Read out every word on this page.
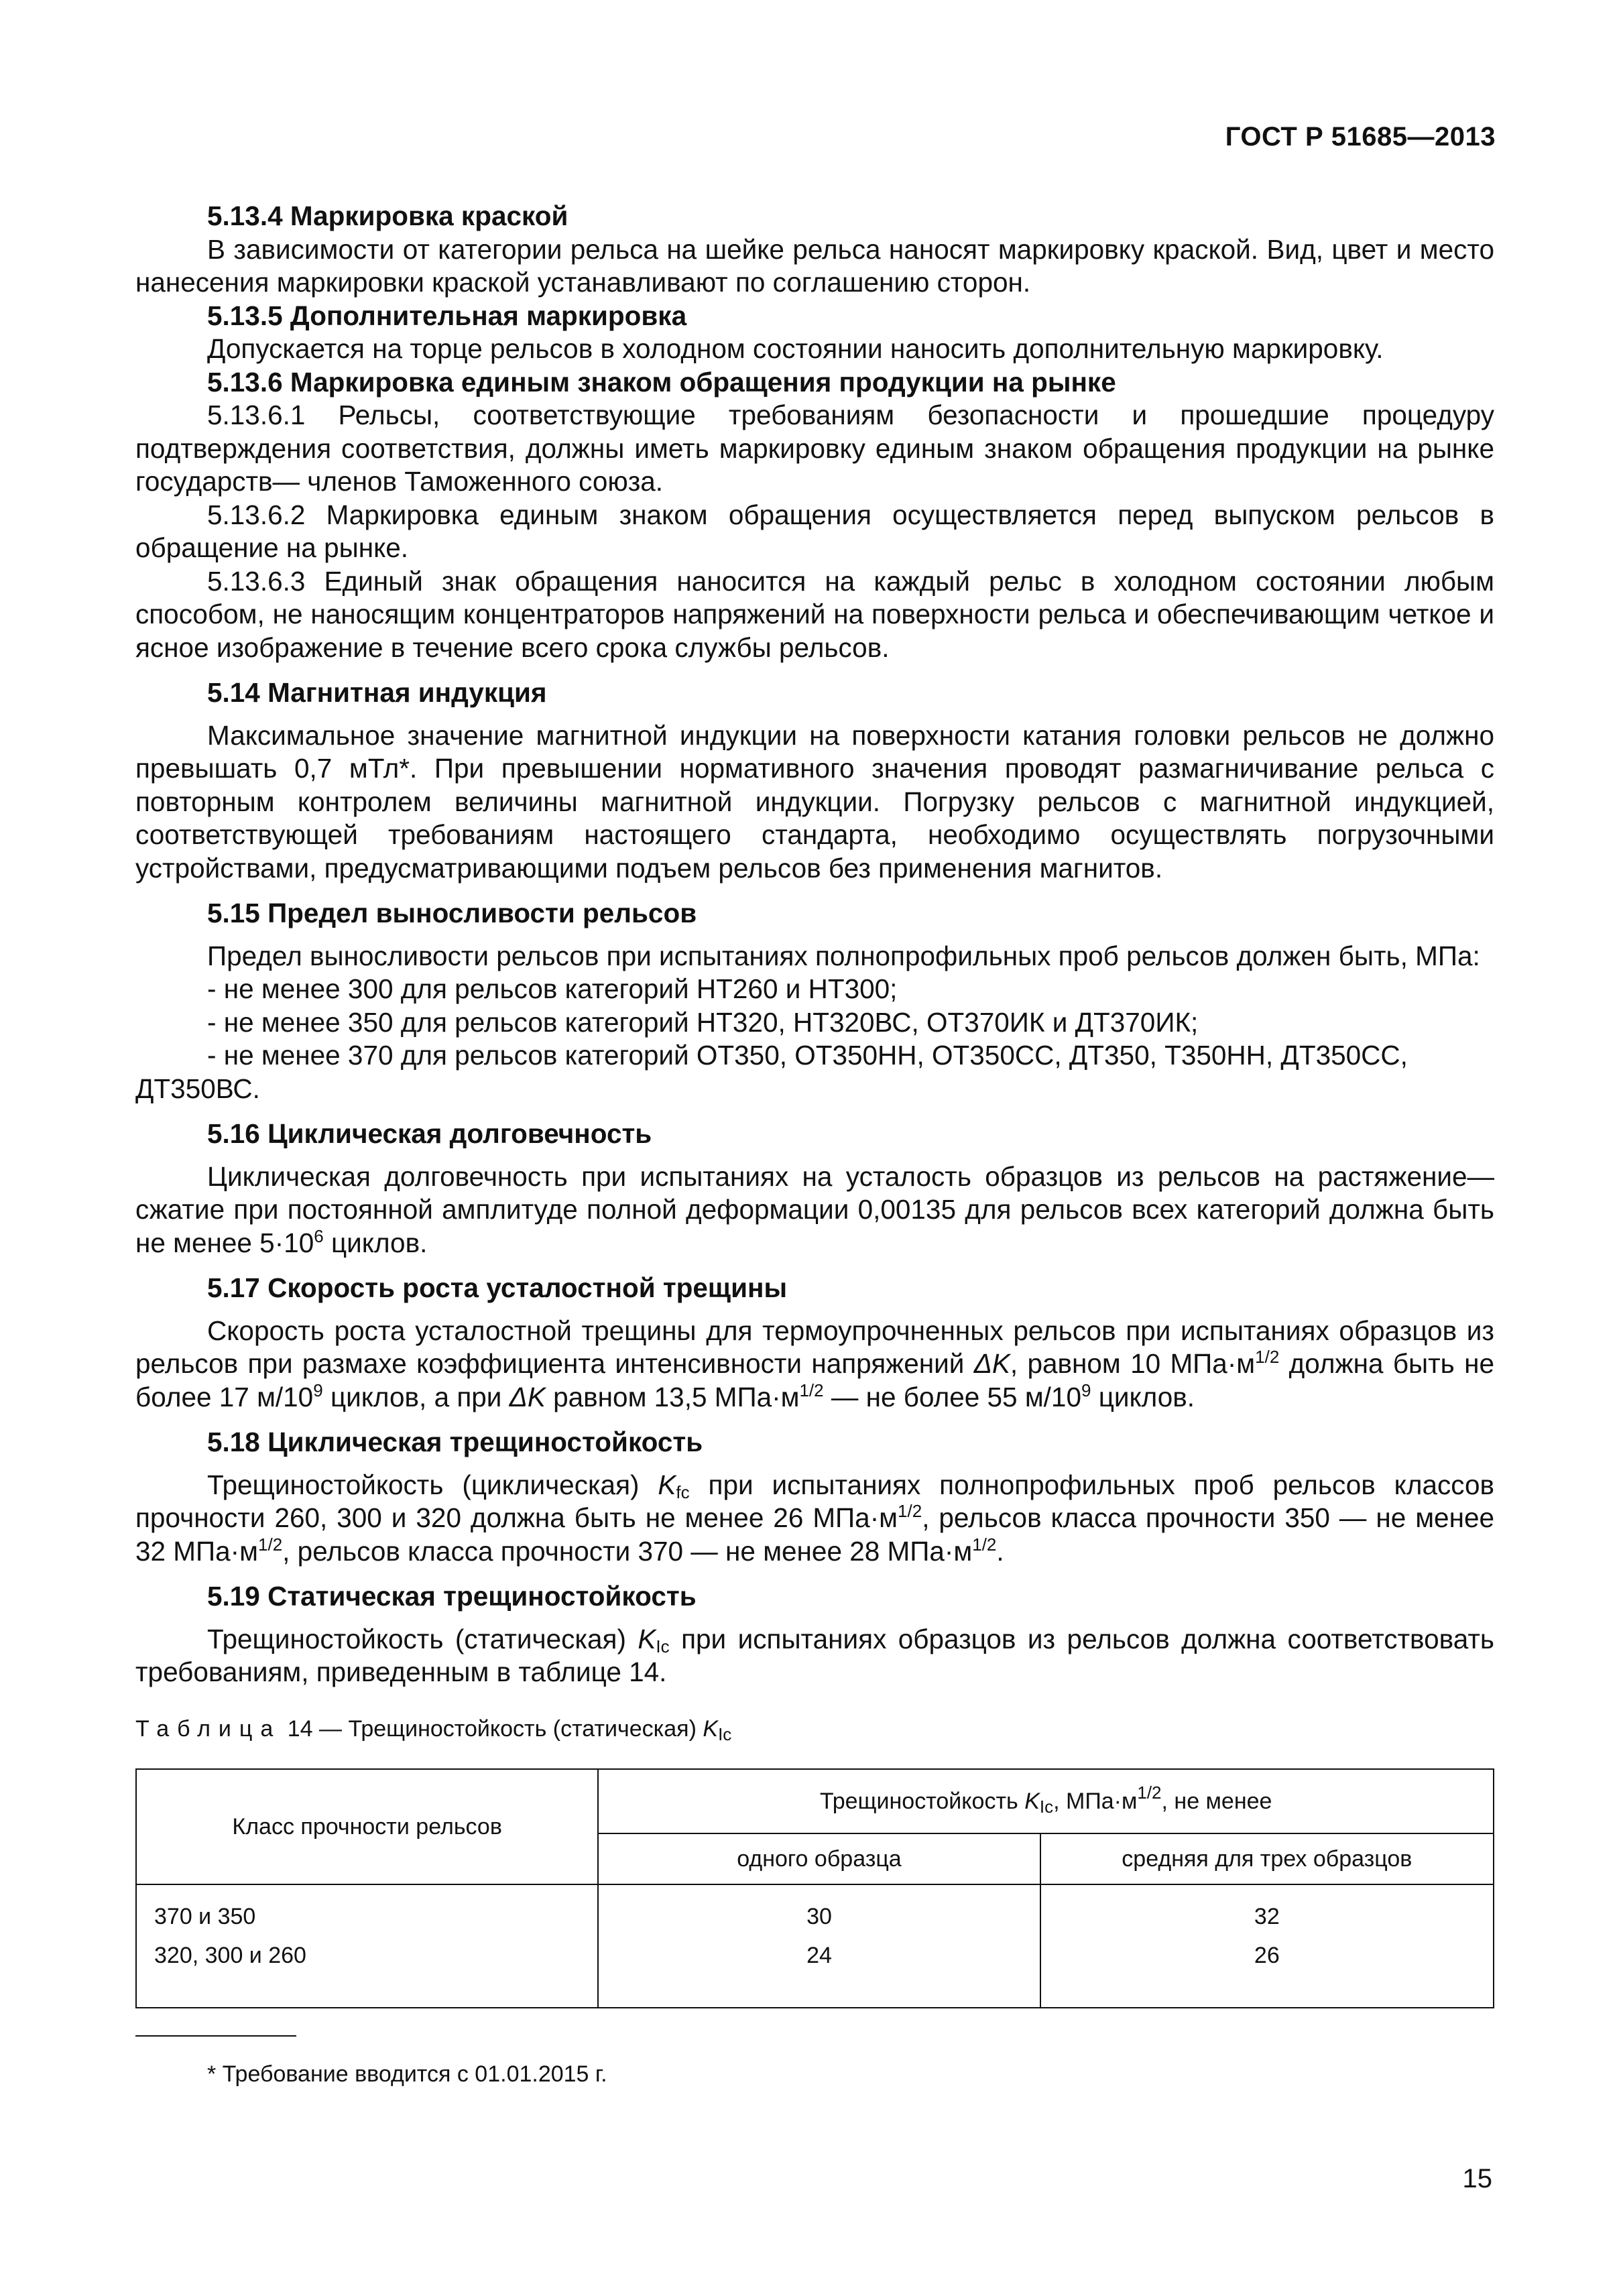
ГОСТ Р 51685—2013

5.13.4 Маркировка краской

В зависимости от категории рельса на шейке рельса наносят маркировку краской. Вид, цвет и место нанесения маркировки краской устанавливают по соглашению сторон.

5.13.5 Дополнительная маркировка

Допускается на торце рельсов в холодном состоянии наносить дополнительную маркировку.

5.13.6 Маркировка единым знаком обращения продукции на рынке

5.13.6.1 Рельсы, соответствующие требованиям безопасности и прошедшие процедуру подтверждения соответствия, должны иметь маркировку единым знаком обращения продукции на рынке государств— членов Таможенного союза.

5.13.6.2 Маркировка единым знаком обращения осуществляется перед выпуском рельсов в обращение на рынке.

5.13.6.3 Единый знак обращения наносится на каждый рельс в холодном состоянии любым способом, не наносящим концентраторов напряжений на поверхности рельса и обеспечивающим четкое и ясное изображение в течение всего срока службы рельсов.

5.14 Магнитная индукция

Максимальное значение магнитной индукции на поверхности катания головки рельсов не должно превышать 0,7 мТл*. При превышении нормативного значения проводят размагничивание рельса с повторным контролем величины магнитной индукции. Погрузку рельсов с магнитной индукцией, соответствующей требованиям настоящего стандарта, необходимо осуществлять погрузочными устройствами, предусматривающими подъем рельсов без применения магнитов.

5.15 Предел выносливости рельсов

Предел выносливости рельсов при испытаниях полнопрофильных проб рельсов должен быть, МПа:

- не менее 300 для рельсов категорий НТ260 и НТ300;

- не менее 350 для рельсов категорий НТ320, НТ320ВС, ОТ370ИК и ДТ370ИК;

- не менее 370 для рельсов категорий ОТ350, ОТ350НН, ОТ350СС, ДТ350, Т350НН, ДТ350СС, ДТ350ВС.

5.16 Циклическая долговечность

Циклическая долговечность при испытаниях на усталость образцов из рельсов на растяжение—сжатие при постоянной амплитуде полной деформации 0,00135 для рельсов всех категорий должна быть не менее $5\cdot 10^6$ циклов.

5.17 Скорость роста усталостной трещины

Скорость роста усталостной трещины для термоупрочненных рельсов при испытаниях образцов из рельсов при размахе коэффициента интенсивности напряжений ΔK, равном 10 $МПа\cdot м^{1/2}$ должна быть не более 17 $м/10^9$ циклов, а при ΔK равном 13,5 $МПа\cdot м^{1/2}$ — не более 55 $м/10^9$ циклов.

5.18 Циклическая трещиностойкость

Трещиностойкость (циклическая) $K_{fc}$ при испытаниях полнопрофильных проб рельсов классов прочности 260, 300 и 320 должна быть не менее 26 $МПа\cdot м^{1/2}$, рельсов класса прочности 350 — не менее 32 $МПа\cdot м^{1/2}$, рельсов класса прочности 370 — не менее 28 $МПа\cdot м^{1/2}$.

5.19 Статическая трещиностойкость

Трещиностойкость (статическая) $K_{Ic}$ при испытаниях образцов из рельсов должна соответствовать требованиям, приведенным в таблице 14.

Таблица 14 — Трещиностойкость (статическая) $K_{Ic}$
Класс прочности рельсов	Трещиностойкость $K_{Ic}$, $МПа\cdot м^{1/2}$, не менее	
	одного образца	средняя для трех образцов

370 и 350	30	32
320, 300 и 260	24	26
* Требование вводится с 01.01.2015 г.
15
